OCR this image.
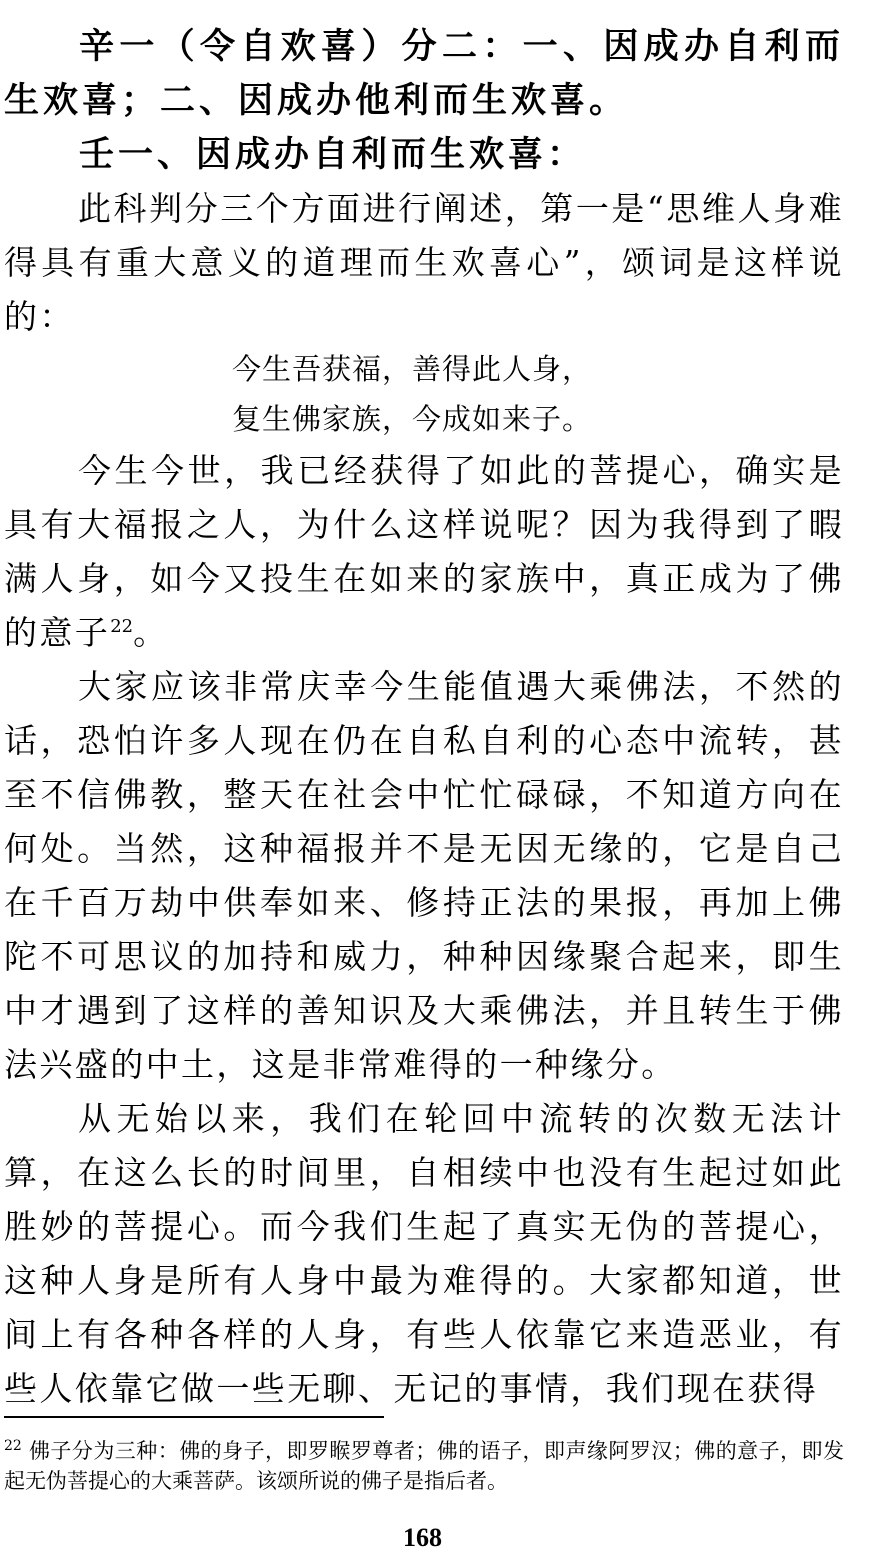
辛一（令自欢喜）分二：一、因成办自利而生欢喜；二、因成办他利而生欢喜。

壬一、因成办自利而生欢喜：

此科判分三个方面进行阐述，第一是“思维人身难得具有重大意义的道理而生欢喜心”，颂词是这样说的：

今生吾获福，善得此人身，

复生佛家族，今成如来子。

今生今世，我已经获得了如此的菩提心，确实是具有大福报之人，为什么这样说呢？因为我得到了暇满人身，如今又投生在如来的家族中，真正成为了佛的意子$^{22}$。

大家应该非常庆幸今生能值遇大乘佛法，不然的话，恐怕许多人现在仍在自私自利的心态中流转，甚至不信佛教，整天在社会中忙忙碌碌，不知道方向在何处。当然，这种福报并不是无因无缘的，它是自己在千百万劫中供奉如来、修持正法的果报，再加上佛陀不可思议的加持和威力，种种因缘聚合起来，即生中才遇到了这样的善知识及大乘佛法，并且转生于佛法兴盛的中土，这是非常难得的一种缘分。

从无始以来，我们在轮回中流转的次数无法计算，在这么长的时间里，自相续中也没有生起过如此胜妙的菩提心。而今我们生起了真实无伪的菩提心，这种人身是所有人身中最为难得的。大家都知道，世间上有各种各样的人身，有些人依靠它来造恶业，有些人依靠它做一些无聊、无记的事情，我们现在获得

$^{22}$ 佛子分为三种：佛的身子，即罗睺罗尊者；佛的语子，即声缘阿罗汉；佛的意子，即发起无伪菩提心的大乘菩萨。该颂所说的佛子是指后者。

168
